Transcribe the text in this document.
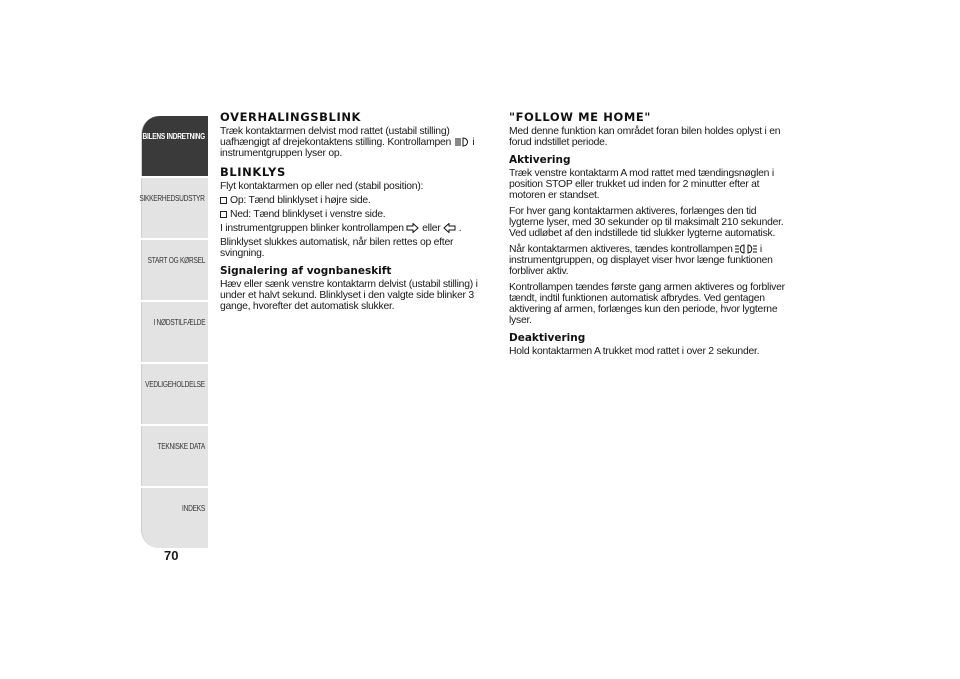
BILENS INDRETNING
SIKKERHEDSUDSTYR
START OG KØRSEL
I NØDSTILFÆLDE
VEDLIGEHOLDELSE
TEKNISKE DATA
INDEKS
70
OVERHALINGSBLINK
Træk kontaktarmen delvist mod rattet (ustabil stilling) uafhængigt af drejekontaktens stilling. Kontrollampen i instrumentgruppen lyser op.
BLINKLYS
Flyt kontaktarmen op eller ned (stabil position):
Op: Tænd blinklyset i højre side.
Ned: Tænd blinklyset i venstre side.
I instrumentgruppen blinker kontrollampen eller .
Blinklyset slukkes automatisk, når bilen rettes op efter svingning.
Signalering af vognbaneskift
Hæv eller sænk venstre kontaktarm delvist (ustabil stilling) i under et halvt sekund. Blinklyset i den valgte side blinker 3 gange, hvorefter det automatisk slukker.
"FOLLOW ME HOME"
Med denne funktion kan området foran bilen holdes oplyst i en forud indstillet periode.
Aktivering
Træk venstre kontaktarm A mod rattet med tændingsnøglen i position STOP eller trukket ud inden for 2 minutter efter at motoren er standset.
For hver gang kontaktarmen aktiveres, forlænges den tid lygterne lyser, med 30 sekunder op til maksimalt 210 sekunder. Ved udløbet af den indstillede tid slukker lygterne automatisk.
Når kontaktarmen aktiveres, tændes kontrollampen	i instrumentgruppen, og displayet viser hvor længe funktionen forbliver aktiv.
Kontrollampen tændes første gang armen aktiveres og forbliver tændt, indtil funktionen automatisk afbrydes. Ved gentagen aktivering af armen, forlænges kun den periode, hvor lygterne lyser.
Deaktivering
Hold kontaktarmen A trukket mod rattet i over 2 sekunder.
